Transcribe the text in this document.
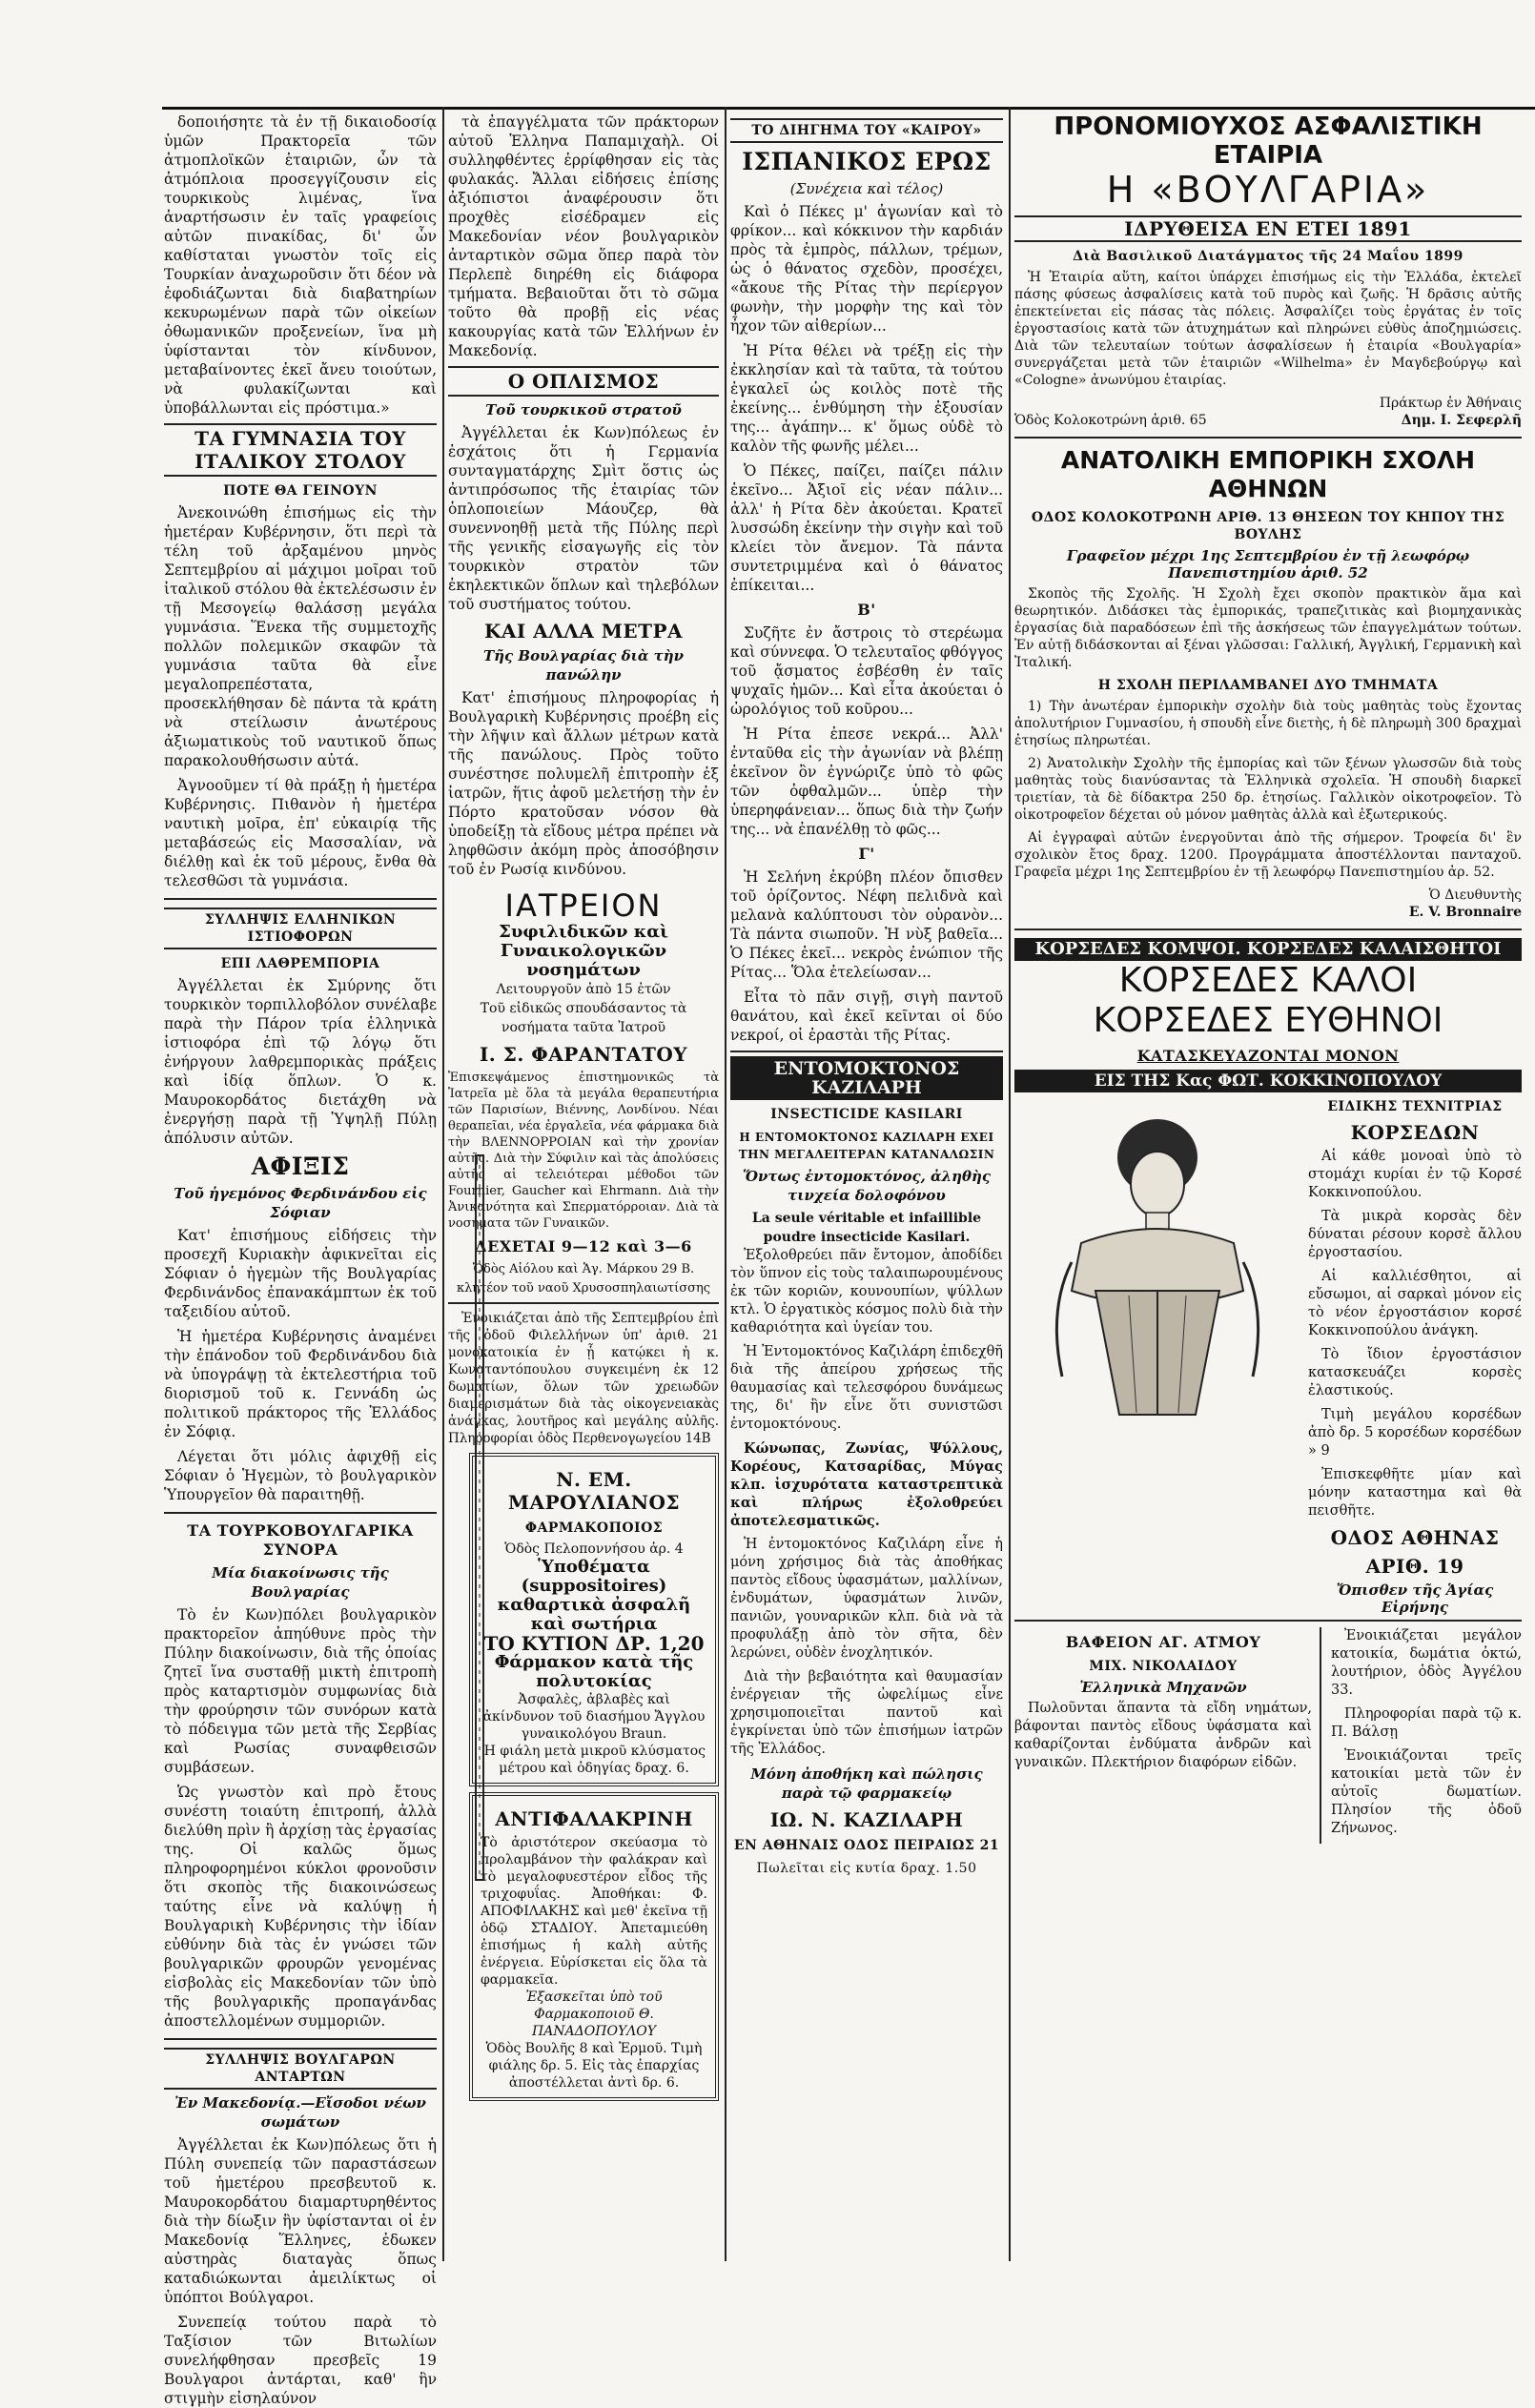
δοποιήσητε τὰ ἐν τῇ δικαιοδοσίᾳ ὑμῶν Πρακτορεῖα τῶν ἀτμοπλοϊκῶν ἑταιριῶν, ὧν τὰ ἀτμόπλοια προσεγγίζουσιν εἰς τουρκικοὺς λιμένας, ἵνα ἀναρτήσωσιν ἐν ταῖς γραφείοις αὐτῶν πινακίδας, δι' ὧν καθίσταται γνωστὸν τοῖς εἰς Τουρκίαν ἀναχωροῦσιν ὅτι δέον νὰ ἐφοδιάζωνται διὰ διαβατηρίων κεκυρωμένων παρὰ τῶν οἰκείων ὀθωμανικῶν προξενείων, ἵνα μὴ ὑφίστανται τὸν κίνδυνον, μεταβαίνοντες ἐκεῖ ἄνευ τοιούτων, νὰ φυλακίζωνται καὶ ὑποβάλλωνται εἰς πρόστιμα.»

ΤΑ ΓΥΜΝΑΣΙΑ ΤΟΥ ΙΤΑΛΙΚΟΥ ΣΤΟΛΟΥ
ΠΟΤΕ ΘΑ ΓΕΙΝΟΥΝ

Ἀνεκοινώθη ἐπισήμως εἰς τὴν ἡμετέραν Κυβέρνησιν, ὅτι περὶ τὰ τέλη τοῦ ἀρξαμένου μηνὸς Σεπτεμβρίου αἱ μάχιμοι μοῖραι τοῦ ἰταλικοῦ στόλου θὰ ἐκτελέσωσιν ἐν τῇ Μεσογείῳ θαλάσσῃ μεγάλα γυμνάσια. Ἕνεκα τῆς συμμετοχῆς πολλῶν πολεμικῶν σκαφῶν τὰ γυμνάσια ταῦτα θὰ εἶνε μεγαλοπρεπέστατα, προσεκλήθησαν δὲ πάντα τὰ κράτη νὰ στείλωσιν ἀνωτέρους ἀξιωματικοὺς τοῦ ναυτικοῦ ὅπως παρακολουθήσωσιν αὐτά.

Ἀγνοοῦμεν τί θὰ πράξῃ ἡ ἡμετέρα Κυβέρνησις. Πιθανὸν ἡ ἡμετέρα ναυτικὴ μοῖρα, ἐπ' εὐκαιρίᾳ τῆς μεταβάσεώς εἰς Μασσαλίαν, νὰ διέλθῃ καὶ ἐκ τοῦ μέρους, ἔνθα θὰ τελεσθῶσι τὰ γυμνάσια.

ΣΥΛΛΗΨΙΣ ΕΛΛΗΝΙΚΩΝ ΙΣΤΙΟΦΟΡΩΝ
ΕΠΙ ΛΑΘΡΕΜΠΟΡΙΑ

Ἀγγέλλεται ἐκ Σμύρνης ὅτι τουρκικὸν τορπιλλοβόλον συνέλαβε παρὰ τὴν Πάρον τρία ἑλληνικὰ ἱστιοφόρα ἐπὶ τῷ λόγῳ ὅτι ἐνήργουν λαθρεμπορικὰς πράξεις καὶ ἰδίᾳ ὅπλων. Ὁ κ. Μαυροκορδάτος διετάχθη νὰ ἐνεργήσῃ παρὰ τῇ Ὑψηλῇ Πύλῃ ἀπόλυσιν αὐτῶν.

ΑΦΙΞΙΣ
Τοῦ ἡγεμόνος Φερδινάνδου εἰς Σόφιαν

Κατ' ἐπισήμους εἰδήσεις τὴν προσεχῆ Κυριακὴν ἀφικνεῖται εἰς Σόφιαν ὁ ἡγεμὼν τῆς Βουλγαρίας Φερδινάνδος ἐπανακάμπτων ἐκ τοῦ ταξειδίου αὐτοῦ.

Ἡ ἡμετέρα Κυβέρνησις ἀναμένει τὴν ἐπάνοδον τοῦ Φερδινάνδου διὰ νὰ ὑπογράψῃ τὰ ἐκτελεστήρια τοῦ διορισμοῦ τοῦ κ. Γεννάδη ὡς πολιτικοῦ πράκτορος τῆς Ἑλλάδος ἐν Σόφιᾳ.

Λέγεται ὅτι μόλις ἀφιχθῇ εἰς Σόφιαν ὁ Ἡγεμὼν, τὸ βουλγαρικὸν Ὑπουργεῖον θὰ παραιτηθῇ.

ΤΑ ΤΟΥΡΚΟΒΟΥΛΓΑΡΙΚΑ ΣΥΝΟΡΑ
Μία διακοίνωσις τῆς Βουλγαρίας

Τὸ ἐν Κων)πόλει βουλγαρικὸν πρακτορεῖον ἀπηύθυνε πρὸς τὴν Πύλην διακοίνωσιν, διὰ τῆς ὁποίας ζητεῖ ἵνα συσταθῇ μικτὴ ἐπιτροπὴ πρὸς καταρτισμὸν συμφωνίας διὰ τὴν φρούρησιν τῶν συνόρων κατὰ τὸ πόδειγμα τῶν μετὰ τῆς Σερβίας καὶ Ρωσίας συναφθεισῶν συμβάσεων.

Ὡς γνωστὸν καὶ πρὸ ἔτους συνέστη τοιαύτη ἐπιτροπή, ἀλλὰ διελύθη πρὶν ἢ ἀρχίσῃ τὰς ἐργασίας της. Οἱ καλῶς ὅμως πληροφορημένοι κύκλοι φρονοῦσιν ὅτι σκοπὸς τῆς διακοινώσεως ταύτης εἶνε νὰ καλύψῃ ἡ Βουλγαρικὴ Κυβέρνησις τὴν ἰδίαν εὐθύνην διὰ τὰς ἐν γνώσει τῶν βουλγαρικῶν φρουρῶν γενομένας εἰσβολὰς εἰς Μακεδονίαν τῶν ὑπὸ τῆς βουλγαρικῆς προπαγάνδας ἀποστελλομένων συμμοριῶν.

ΣΥΛΛΗΨΙΣ ΒΟΥΛΓΑΡΩΝ ΑΝΤΑΡΤΩΝ
Ἐν Μακεδονίᾳ.—Εἴσοδοι νέων σωμάτων

Ἀγγέλλεται ἐκ Κων)πόλεως ὅτι ἡ Πύλη συνεπείᾳ τῶν παραστάσεων τοῦ ἡμετέρου πρεσβευτοῦ κ. Μαυροκορδάτου διαμαρτυρηθέντος διὰ τὴν δίωξιν ἣν ὑφίστανται οἱ ἐν Μακεδονίᾳ Ἕλληνες, ἐδωκεν αὐστηρὰς διαταγὰς ὅπως καταδιώκωνται ἀμειλίκτως οἱ ὑπόπτοι Βούλγαροι.

Συνεπείᾳ τούτου παρὰ τὸ Ταξίσιον τῶν Βιτωλίων συνελήφθησαν πρεσβεῖς 19 Βουλγαροι ἀντάρται, καθ' ἣν στιγμὴν εἰσηλαύνον

τὰ ἐπαγγέλματα τῶν πράκτορων αὐτοῦ Ἑλληνα Παπαμιχαὴλ. Οἱ συλληφθέντες ἐρρίφθησαν εἰς τὰς φυλακάς. Ἄλλαι εἰδήσεις ἐπίσης ἀξιόπιστοι ἀναφέρουσιν ὅτι προχθὲς εἰσέδραμεν εἰς Μακεδονίαν νέον βουλγαρικὸν ἀνταρτικὸν σῶμα ὅπερ παρὰ τὸν Περλεπὲ διηρέθη εἰς διάφορα τμήματα. Βεβαιοῦται ὅτι τὸ σῶμα τοῦτο θὰ προβῇ εἰς νέας κακουργίας κατὰ τῶν Ἑλλήνων ἐν Μακεδονίᾳ.

Ο ΟΠΛΙΣΜΟΣ
Τοῦ τουρκικοῦ στρατοῦ

Ἀγγέλλεται ἐκ Κων)πόλεως ἐν ἐσχάτοις ὅτι ἡ Γερμανία συνταγματάρχης Σμὶτ ὅστις ὡς ἀντιπρόσωπος τῆς ἑταιρίας τῶν ὁπλοποιείων Μάουζερ, θὰ συνεννοηθῇ μετὰ τῆς Πύλης περὶ τῆς γενικῆς εἰσαγωγῆς εἰς τὸν τουρκικὸν στρατὸν τῶν ἐκηλεκτικῶν ὅπλων καὶ τηλεβόλων τοῦ συστήματος τούτου.

ΚΑΙ ΑΛΛΑ ΜΕΤΡΑ
Τῆς Βουλγαρίας διὰ τὴν πανώλην

Κατ' ἐπισήμους πληροφορίας ἡ Βουλγαρικὴ Κυβέρνησις προέβη εἰς τὴν λῆψιν καὶ ἄλλων μέτρων κατὰ τῆς πανώλους. Πρὸς τοῦτο συνέστησε πολυμελῆ ἐπιτροπὴν ἐξ ἰατρῶν, ἥτις ἀφοῦ μελετήσῃ τὴν ἐν Πόρτο κρατοῦσαν νόσον θὰ ὑποδείξῃ τὰ εἴδους μέτρα πρέπει νὰ ληφθῶσιν ἀκόμη πρὸς ἀποσόβησιν τοῦ ἐν Ρωσίᾳ κινδύνου.

ΙΑΤΡΕΙΟΝ
Συφιλιδικῶν καὶ Γυναικολογικῶν νοσημάτων
Λειτουργοῦν ἀπὸ 15 ἐτῶν
Τοῦ εἰδικῶς σπουδάσαντος τὰ νοσήματα ταῦτα Ἰατροῦ
Ι. Σ. ΦΑΡΑΝΤΑΤΟΥ
Ἐπισκεψάμενος ἐπιστημονικῶς τὰ Ἰατρεῖα μὲ ὅλα τὰ μεγάλα θεραπευτήρια τῶν Παρισίων, Βιέννης, Λονδίνου. Νέαι θεραπεῖαι, νέα ἐργαλεῖα, νέα φάρμακα διὰ τὴν ΒΛΕΝΝΟΡΡΟΙΑΝ καὶ τὴν χρονίαν αὐτῆς. Διὰ τὴν Σύφιλιν καὶ τὰς ἀπολύσεις αὐτῆς αἱ τελειότεραι μέθοδοι τῶν Fournier, Gaucher καὶ Ehrmann. Διὰ τὴν Ἀνικανότητα καὶ Σπερματόρροιαν. Διὰ τὰ νοσήματα τῶν Γυναικῶν.
ΔΕΧΕΤΑΙ 9—12 καὶ 3—6
Ὁδὸς Αἰόλου καὶ Ἁγ. Μάρκου 29 Β. κλητέον τοῦ ναοῦ Χρυσοσπηλαιωτίσσης

Ἐνοικιάζεται ἀπὸ τῆς Σεπτεμβρίου ἐπὶ τῆς ὁδοῦ Φιλελλήνων ὑπ' ἀριθ. 21 μονοκατοικία ἐν ᾗ κατῴκει ἡ κ. Κωνσταντόπουλου συγκειμένη ἐκ 12 δωματίων, ὅλων τῶν χρειωδῶν διαμερισμάτων διὰ τὰς οἰκογενειακὰς ἀνάγκας, λουτῆρος καὶ μεγάλης αὐλῆς. Πληροφορίαι ὁδὸς Περθενογωγείου 14Β

Ν. ΕΜ. ΜΑΡΟΥΛΙΑΝΟΣ
ΦΑΡΜΑΚΟΠΟΙΟΣ
Ὁδὸς Πελοποννήσου ἀρ. 4
Ὑποθέματα (suppositoires) καθαρτικὰ ἀσφαλῆ καὶ σωτήρια
ΤΟ ΚΥΤΙΟΝ ΔΡ. 1,20
Φάρμακον κατὰ τῆς πολυτοκίας
Ἀσφαλὲς, ἀβλαβὲς καὶ ἀκίνδυνον τοῦ διασήμου Ἄγγλου γυναικολόγου Braun.
Ἡ φιάλη μετὰ μικροῦ κλύσματος μέτρου καὶ ὁδηγίας δραχ. 6.
ΑΝΤΙΦΑΛΑΚΡΙΝΗ
Τὸ ἀριστότερον σκεύασμα τὸ προλαμβάνον τὴν φαλάκραν καὶ τὸ μεγαλοφυεστέρον εἶδος τῆς τριχοφυΐας. Ἀποθήκαι: Φ. ΑΠΟΦΙΛΑΚΗΣ καὶ μεθ' ἐκεῖνα τῇ ὁδῷ ΣΤΑΔΙΟΥ. Ἀπεταμιεύθη ἐπισήμως ἡ καλὴ αὐτῆς ἐνέργεια. Εὑρίσκεται εἰς ὅλα τὰ φαρμακεῖα.
Ἐξασκεῖται ὑπὸ τοῦ Φαρμακοποιοῦ Θ. ΠΑΝΑΔΟΠΟΥΛΟΥ
Ὁδὸς Βουλῆς 8 καὶ Ἑρμοῦ. Τιμὴ φιάλης δρ. 5. Εἰς τὰς ἐπαρχίας ἀποστέλλεται ἀντὶ δρ. 6.
ΤΟ ΔΙΗΓΗΜΑ ΤΟΥ «ΚΑΙΡΟΥ»
ΙΣΠΑΝΙΚΟΣ ΕΡΩΣ
(Συνέχεια καὶ τέλος)

Καὶ ὁ Πέκες μ' ἀγωνίαν καὶ τὸ φρίκον... καὶ κόκκινον τὴν καρδιάν πρὸς τὰ ἐμπρὸς, πάλλων, τρέμων, ὡς ὁ θάνατος σχεδὸν, προσέχει, «ἄκουε τῆς Ρίτας τὴν περίεργον φωνὴν, τὴν μορφὴν της καὶ τὸν ἦχον τῶν αἰθερίων...

Ἡ Ρίτα θέλει νὰ τρέξῃ εἰς τὴν ἐκκλησίαν καὶ τὰ ταῦτα, τὰ τούτου ἐγκαλεῖ ὡς κοιλὸς ποτὲ τῆς ἐκείνης... ἐνθύμηση τὴν ἐξουσίαν της... ἀγάπην... κ' ὅμως οὐδὲ τὸ καλὸν τῆς φωνῆς μέλει...

Ὁ Πέκες, παίζει, παίζει πάλιν ἐκεῖνο... Ἀξιοῖ εἰς νέαν πάλιν... ἀλλ' ἡ Ρίτα δὲν ἀκούεται. Κρατεῖ λυσσώδη ἐκείνην τὴν σιγὴν καὶ τοῦ κλείει τὸν ἄνεμον. Τὰ πάντα συντετριμμένα καὶ ὁ θάνατος ἐπίκειται...

Β'

Συζῆτε ἐν ἄστροις τὸ στερέωμα καὶ σύννεφα. Ὁ τελευταῖος φθόγγος τοῦ ᾄσματος ἐσβέσθη ἐν ταῖς ψυχαῖς ἡμῶν... Καὶ εἶτα ἀκούεται ὁ ὠρολόγιος τοῦ κοῦρου...

Ἡ Ρίτα ἐπεσε νεκρά... Ἀλλ' ἐνταῦθα εἰς τὴν ἀγωνίαν νὰ βλέπῃ ἐκεῖνον ὂν ἐγνώριζε ὑπὸ τὸ φῶς τῶν ὀφθαλμῶν... ὑπὲρ τὴν ὑπερηφάνειαν... ὅπως διὰ τὴν ζωήν της... νὰ ἐπανέλθῃ τὸ φῶς...

Γ'

Ἡ Σελήνη ἐκρύβη πλέον ὄπισθεν τοῦ ὁρίζοντος. Νέφη πελιδνὰ καὶ μελανὰ καλύπτουσι τὸν οὐρανὸν... Τὰ πάντα σιωποῦν. Ἡ νὺξ βαθεῖα... Ὁ Πέκες ἐκεῖ... νεκρὸς ἐνώπιον τῆς Ρίτας... Ὅλα ἐτελείωσαν...

Εἶτα τὸ πᾶν σιγῇ, σιγὴ παντοῦ θανάτου, καὶ ἐκεῖ κεῖνται οἱ δύο νεκροί, οἱ ἐραστὰι τῆς Ρίτας.

ΕΝΤΟΜΟΚΤΟΝΟΣ ΚΑΖΙΛΑΡΗ
INSECTICIDE KASILARI
Η ΕΝΤΟΜΟΚΤΟΝΟΣ ΚΑΖΙΛΑΡΗ ΕΧΕΙ ΤΗΝ ΜΕΓΑΛΕΙΤΕΡΑΝ ΚΑΤΑΝΑΛΩΣΙΝ
Ὅντως ἐντομοκτόνος, ἀληθὴς τινχεία δολοφόνου
La seule véritable et infaillible poudre insecticide Kasilari.

Ἐξολοθρεύει πᾶν ἔντομον, ἀποδίδει τὸν ὕπνον εἰς τοὺς ταλαιπωρουμένους ἐκ τῶν κοριῶν, κουνουπίων, ψύλλων κτλ. Ὁ ἐργατικὸς κόσμος πολὺ διὰ τὴν καθαριότητα καὶ ὑγείαν του.

Ἡ Ἐντομοκτόνος Καζιλάρη ἐπιδεχθῆ διὰ τῆς ἀπείρου χρήσεως τῆς θαυμασίας καὶ τελεσφόρου δυνάμεως της, δι' ἣν εἶνε ὅτι συνιστῶσι ἐντομοκτόνους.

Κώνωπας, Ζωνίας, Ψύλλους, Κορέους, Κατσαρίδας, Μύγας κλπ. ἰσχυρότατα καταστρεπτικὰ καὶ πλήρως ἐξολοθρεύει ἀποτελεσματικῶς.

Ἡ ἐντομοκτόνος Καζιλάρη εἶνε ἡ μόνη χρήσιμος διὰ τὰς ἀποθήκας παντὸς εἴδους ὑφασμάτων, μαλλίνων, ἐνδυμάτων, ὑφασμάτων λινῶν, πανιῶν, γουναρικῶν κλπ. διὰ νὰ τὰ προφυλάξῃ ἀπὸ τὸν σῆτα, δὲν λερώνει, οὐδὲν ἐνοχλητικόν.

Διὰ τὴν βεβαιότητα καὶ θαυμασίαν ἐνέργειαν τῆς ὠφελίμως εἶνε χρησιμοποιεῖται παντοῦ καὶ ἐγκρίνεται ὑπὸ τῶν ἐπισήμων ἰατρῶν τῆς Ἑλλάδος.

Μόνη ἀποθήκη καὶ πώλησις παρὰ τῷ φαρμακείῳ
ΙΩ. Ν. ΚΑΖΙΛΑΡΗ
ΕΝ ΑΘΗΝΑΙΣ ΟΔΟΣ ΠΕΙΡΑΙΩΣ 21
Πωλεῖται εἰς κυτία δραχ. 1.50
ΠΡΟΝΟΜΙΟΥΧΟΣ ΑΣΦΑΛΙΣΤΙΚΗ ΕΤΑΙΡΙΑ
Η «ΒΟΥΛΓΑΡΙΑ»
ΙΔΡΥΘΕΙΣΑ ΕΝ ΕΤΕΙ 1891
Διὰ Βασιλικοῦ Διατάγματος τῆς 24 Μαΐου 1899

Ἡ Ἑταιρία αὕτη, καίτοι ὑπάρχει ἐπισήμως εἰς τὴν Ἑλλάδα, ἐκτελεῖ πάσης φύσεως ἀσφαλίσεις κατὰ τοῦ πυρὸς καὶ ζωῆς. Ἡ δρᾶσις αὐτῆς ἐπεκτείνεται εἰς πάσας τὰς πόλεις. Ἀσφαλίζει τοὺς ἐργάτας ἐν τοῖς ἐργοστασίοις κατὰ τῶν ἀτυχημάτων καὶ πληρώνει εὐθὺς ἀποζημιώσεις. Διὰ τῶν τελευταίων τούτων ἀσφαλίσεων ἡ ἑταιρία «Βουλγαρία» συνεργάζεται μετὰ τῶν ἑταιριῶν «Wilhelma» ἐν Μαγδεβούργῳ καὶ «Cologne» ἀνωνύμου ἑταιρίας.

Πράκτωρ ἐν Ἀθήναις
Ὁδὸς Κολοκοτρώνη ἀριθ. 65	Δημ. Ι. Σεφερλῆ
ΑΝΑΤΟΛΙΚΗ ΕΜΠΟΡΙΚΗ ΣΧΟΛΗ ΑΘΗΝΩΝ
ΟΔΟΣ ΚΟΛΟΚΟΤΡΩΝΗ ΑΡΙΘ. 13 ΘΗΣΕΩΝ ΤΟΥ ΚΗΠΟΥ ΤΗΣ ΒΟΥΛΗΣ
Γραφεῖον μέχρι 1ης Σεπτεμβρίου ἐν τῇ λεωφόρῳ Πανεπιστημίου ἀριθ. 52

Σκοπὸς τῆς Σχολῆς. Ἡ Σχολὴ ἔχει σκοπὸν πρακτικὸν ἅμα καὶ θεωρητικόν. Διδάσκει τὰς ἐμπορικάς, τραπεζιτικὰς καὶ βιομηχανικὰς ἐργασίας διὰ παραδόσεων ἐπὶ τῆς ἀσκήσεως τῶν ἐπαγγελμάτων τούτων. Ἐν αὐτῇ διδάσκονται αἱ ξέναι γλῶσσαι: Γαλλική, Ἀγγλική, Γερμανικὴ καὶ Ἰταλική.

Η ΣΧΟΛΗ ΠΕΡΙΛΑΜΒΑΝΕΙ ΔΥΟ ΤΜΗΜΑΤΑ

1) Τὴν ἀνωτέραν ἐμπορικὴν σχολὴν διὰ τοὺς μαθητὰς τοὺς ἔχοντας ἀπολυτήριον Γυμνασίου, ἡ σπουδὴ εἶνε διετὴς, ἡ δὲ πληρωμὴ 300 δραχμαὶ ἐτησίως πληρωτέαι.

2) Ἀνατολικὴν Σχολὴν τῆς ἐμπορίας καὶ τῶν ξένων γλωσσῶν διὰ τοὺς μαθητὰς τοὺς διανύσαντας τὰ Ἑλληνικὰ σχολεῖα. Ἡ σπουδὴ διαρκεῖ τριετίαν, τὰ δὲ δίδακτρα 250 δρ. ἐτησίως. Γαλλικὸν οἰκοτροφεῖον. Τὸ οἰκοτροφεῖον δέχεται οὐ μόνον μαθητὰς ἀλλὰ καὶ ἐξωτερικούς.

Αἱ ἐγγραφαὶ αὐτῶν ἐνεργοῦνται ἀπὸ τῆς σήμερον. Τροφεία δι' ἓν σχολικὸν ἔτος δραχ. 1200. Προγράμματα ἀποστέλλονται πανταχοῦ. Γραφεῖα μέχρι 1ης Σεπτεμβρίου ἐν τῇ λεωφόρῳ Πανεπιστημίου ἀρ. 52.

Ὁ Διευθυντὴς
Ε. V. Bronnaire
ΚΟΡΣΕΔΕΣ ΚΟΜΨΟΙ. ΚΟΡΣΕΔΕΣ ΚΑΛΑΙΣΘΗΤΟΙ
ΚΟΡΣΕΔΕΣ ΚΑΛΟΙ
ΚΟΡΣΕΔΕΣ ΕΥΘΗΝΟΙ
ΚΑΤΑΣΚΕΥΑΖΟΝΤΑΙ ΜΟΝΟΝ
ΕΙΣ ΤΗΣ Κας ΦΩΤ. ΚΟΚΚΙΝΟΠΟΥΛΟΥ
ΕΙΔΙΚΗΣ ΤΕΧΝΙΤΡΙΑΣ
ΚΟΡΣΕΔΩΝ

Αἱ κάθε μονοαὶ ὑπὸ τὸ στομάχι κυρίαι ἐν τῷ Κορσέ Κοκκινοπούλου.

Τὰ μικρὰ κορσὰς δὲν δύναται ρέσουν κορσὲ ἄλλου ἐργοστασίου.

Αἱ καλλιέσθητοι, αἱ εὔσωμοι, αἱ σαρκαὶ μόνον εἰς τὸ νέον ἐργοστάσιον κορσέ Κοκκινοπούλου ἀνάγκη.

Τὸ ἴδιον ἐργοστάσιον κατασκευάζει κορσὲς ἐλαστικούς.

Τιμὴ μεγάλου κορσέδων ἀπὸ δρ. 5 κορσέδων κορσέδων » 9

Ἐπισκεφθῆτε μίαν καὶ μόνην καταστημα καὶ θὰ πεισθῆτε.

ΟΔΟΣ ΑΘΗΝΑΣ
ΑΡΙΘ. 19
Ὄπισθεν τῆς Ἁγίας Εἰρήνης
ΒΑΦΕΙΟΝ ΑΓ. ΑΤΜΟΥ
ΜΙΧ. ΝΙΚΟΛΑΙΔΟΥ
Ἐλληνικὰ Μηχανῶν

Πωλοῦνται ἅπαντα τὰ εἴδη νημάτων, βάφονται παντὸς εἴδους ὑφάσματα καὶ καθαρίζονται ἐνδύματα ἀνδρῶν καὶ γυναικῶν. Πλεκτήριον διαφόρων εἰδῶν.

Ἐνοικιάζεται μεγάλον κατοικία, δωμάτια ὀκτώ, λουτήριον, ὁδὸς Ἀγγέλου 33.

Πληροφορίαι παρὰ τῷ κ. Π. Βάλσῃ

Ἐνοικιάζονται τρεῖς κατοικίαι μετὰ τῶν ἐν αὐτοῖς δωματίων. Πλησίον τῆς ὁδοῦ Ζήνωνος.
